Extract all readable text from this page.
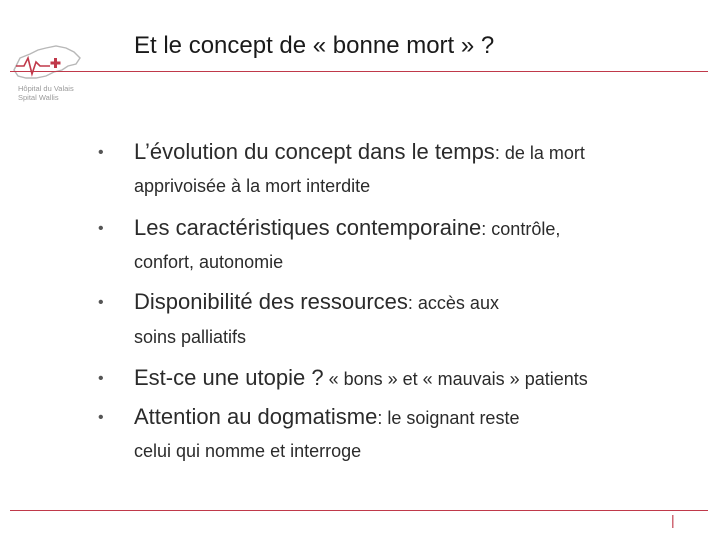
Hôpital du Valais
Spital Wallis
Et le concept de « bonne mort » ?
• L’évolution du concept dans le temps: de la mort
apprivoisée à la mort interdite
• Les caractéristiques contemporaine: contrôle,
confort, autonomie
• Disponibilité des ressources: accès aux
soins palliatifs
• Est-ce une utopie ? « bons » et « mauvais » patients
• Attention au dogmatisme: le soignant reste
celui qui nomme et interroge
|
